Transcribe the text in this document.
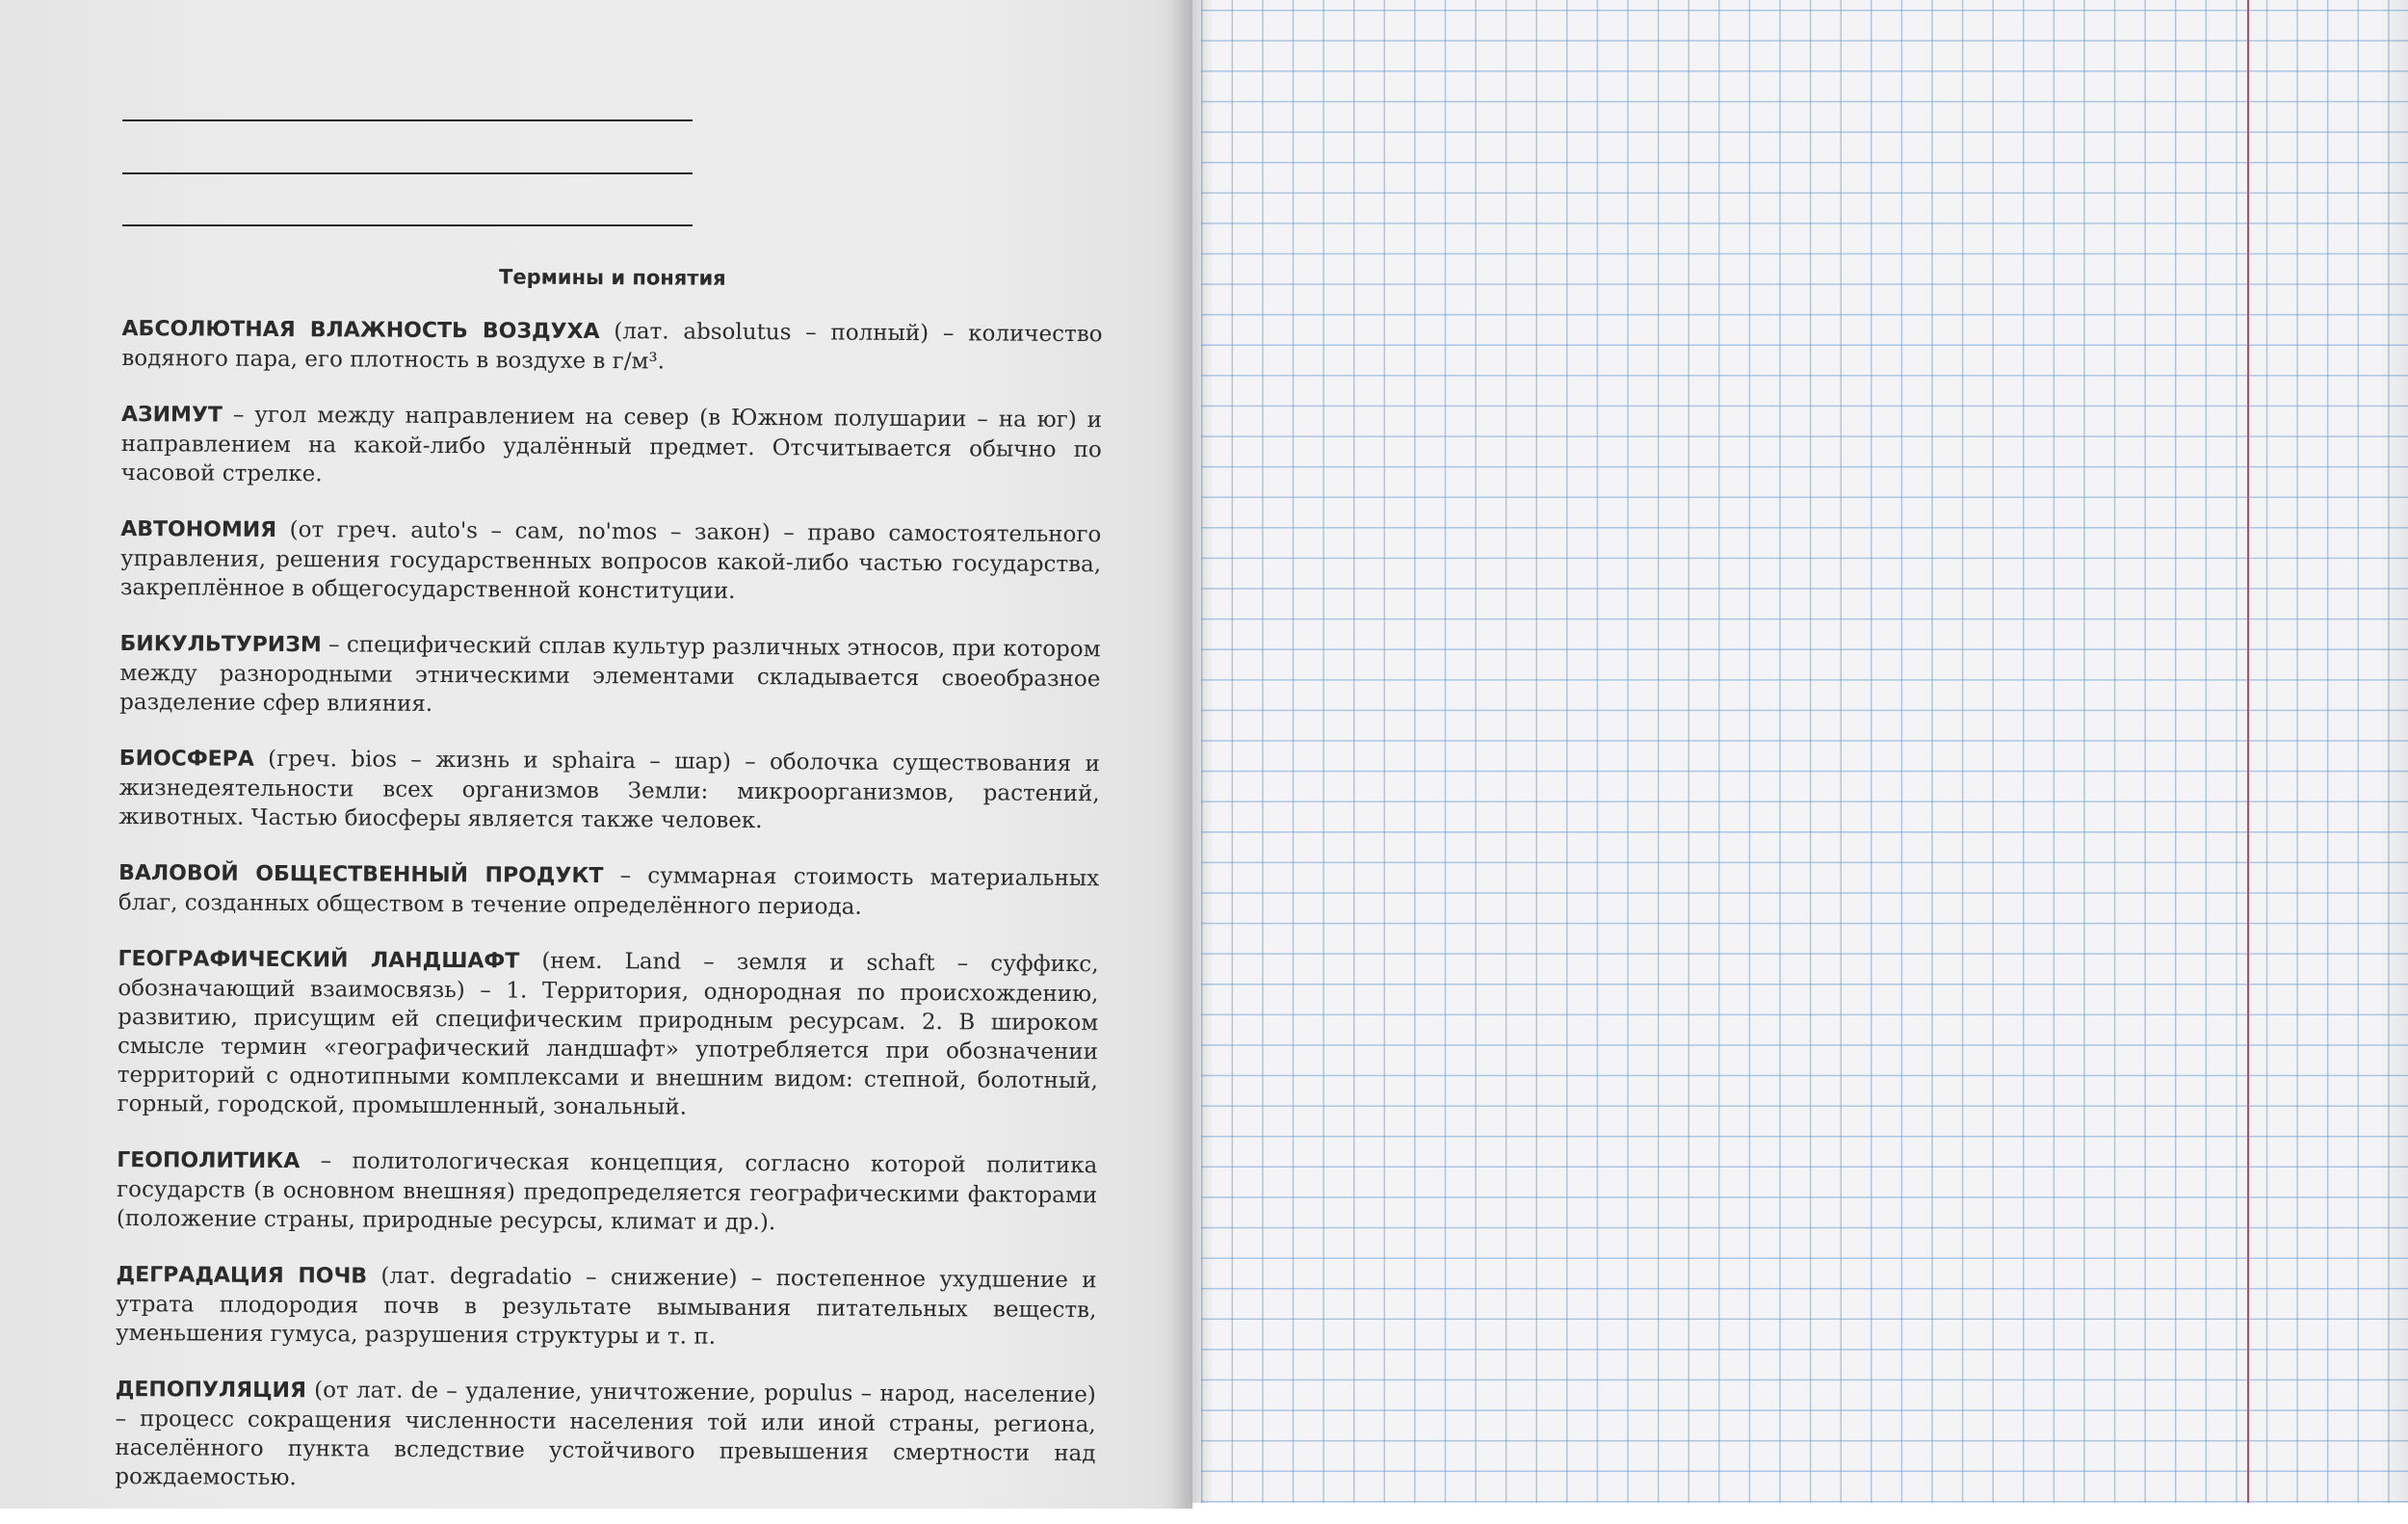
Термины и понятия

АБСОЛЮТНАЯ ВЛАЖНОСТЬ ВОЗДУХА (лат. absolutus – полный) – количество водяного пара, его плотность в воздухе в г/м³.

АЗИМУТ – угол между направлением на север (в Южном полушарии – на юг) и направлением на какой-либо удалённый предмет. Отсчитывается обычно по часовой стрелке.

АВТОНОМИЯ (от греч. auto's – сам, no'mos – закон) – право самостоятельного управления, решения государственных вопросов какой-либо частью государства, закреплённое в общегосударственной конституции.

БИКУЛЬТУРИЗМ – специфический сплав культур различных этносов, при котором между разнородными этническими элементами складывается своеобразное разделение сфер влияния.

БИОСФЕРА (греч. bios – жизнь и sphaira – шар) – оболочка существования и жизнедеятельности всех организмов Земли: микроорганизмов, растений, животных. Частью биосферы является также человек.

ВАЛОВОЙ ОБЩЕСТВЕННЫЙ ПРОДУКТ – суммарная стоимость материальных благ, созданных обществом в течение определённого периода.

ГЕОГРАФИЧЕСКИЙ ЛАНДШАФТ (нем. Land – земля и schaft – суффикс, обозначающий взаимосвязь) – 1. Территория, однородная по происхождению, развитию, присущим ей специфическим природным ресурсам. 2. В широком смысле термин «географический ландшафт» употребляется при обозначении территорий с однотипными комплексами и внешним видом: степной, болотный, горный, городской, промышленный, зональный.

ГЕОПОЛИТИКА – политологическая концепция, согласно которой политика государств (в основном внешняя) предопределяется географическими факторами (положение страны, природные ресурсы, климат и др.).

ДЕГРАДАЦИЯ ПОЧВ (лат. degradatio – снижение) – постепенное ухудшение и утрата плодородия почв в результате вымывания питательных веществ, уменьшения гумуса, разрушения структуры и т. п.

ДЕПОПУЛЯЦИЯ (от лат. de – удаление, уничтожение, populus – народ, население) – процесс сокращения численности населения той или иной страны, региона, населённого пункта вследствие устойчивого превышения смертности над рождаемостью.
